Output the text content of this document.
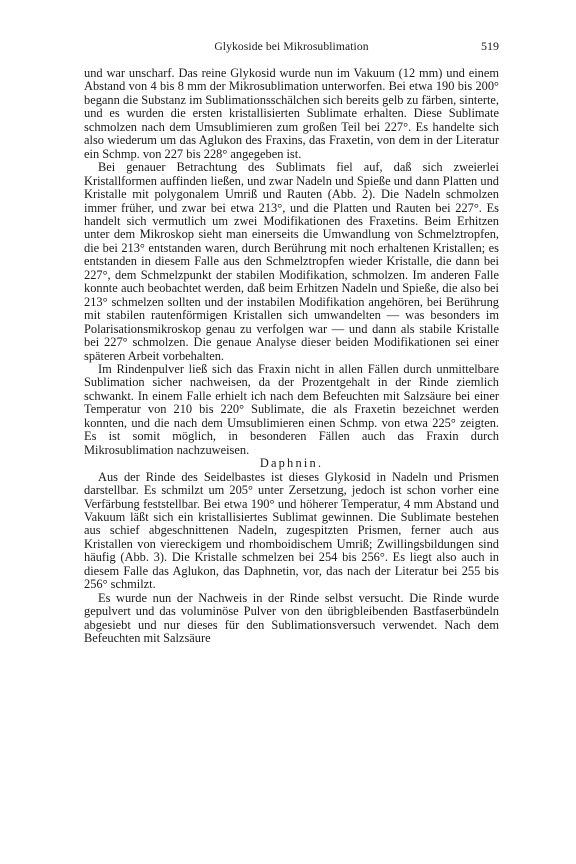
Glykoside bei Mikrosublimation	519

und war unscharf. Das reine Glykosid wurde nun im Vakuum (12 mm) und einem Abstand von 4 bis 8 mm der Mikrosublimation unterworfen. Bei etwa 190 bis 200° begann die Substanz im Sublimationsschälchen sich bereits gelb zu färben, sinterte, und es wurden die ersten kristallisierten Sublimate erhalten. Diese Sublimate schmolzen nach dem Umsublimieren zum großen Teil bei 227°. Es handelte sich also wiederum um das Aglukon des Fraxins, das Fraxetin, von dem in der Literatur ein Schmp. von 227 bis 228° angegeben ist.

Bei genauer Betrachtung des Sublimats fiel auf, daß sich zweierlei Kristallformen auffinden ließen, und zwar Nadeln und Spieße und dann Platten und Kristalle mit polygonalem Umriß und Rauten (Abb. 2). Die Nadeln schmolzen immer früher, und zwar bei etwa 213°, und die Platten und Rauten bei 227°. Es handelt sich vermutlich um zwei Modifikationen des Fraxetins. Beim Erhitzen unter dem Mikroskop sieht man einerseits die Umwandlung von Schmelztropfen, die bei 213° entstanden waren, durch Berührung mit noch erhaltenen Kristallen; es entstanden in diesem Falle aus den Schmelztropfen wieder Kristalle, die dann bei 227°, dem Schmelzpunkt der stabilen Modifikation, schmolzen. Im anderen Falle konnte auch beobachtet werden, daß beim Erhitzen Nadeln und Spieße, die also bei 213° schmelzen sollten und der instabilen Modifikation angehören, bei Berührung mit stabilen rautenförmigen Kristallen sich umwandelten — was besonders im Polarisationsmikroskop genau zu verfolgen war — und dann als stabile Kristalle bei 227° schmolzen. Die genaue Analyse dieser beiden Modifikationen sei einer späteren Arbeit vorbehalten.

Im Rindenpulver ließ sich das Fraxin nicht in allen Fällen durch unmittelbare Sublimation sicher nachweisen, da der Prozentgehalt in der Rinde ziemlich schwankt. In einem Falle erhielt ich nach dem Befeuchten mit Salzsäure bei einer Temperatur von 210 bis 220° Sublimate, die als Fraxetin bezeichnet werden konnten, und die nach dem Umsublimieren einen Schmp. von etwa 225° zeigten. Es ist somit möglich, in besonderen Fällen auch das Fraxin durch Mikrosublimation nachzuweisen.

Daphnin.

Aus der Rinde des Seidelbastes ist dieses Glykosid in Nadeln und Prismen darstellbar. Es schmilzt um 205° unter Zersetzung, jedoch ist schon vorher eine Verfärbung feststellbar. Bei etwa 190° und höherer Temperatur, 4 mm Abstand und Vakuum läßt sich ein kristallisiertes Sublimat gewinnen. Die Sublimate bestehen aus schief abgeschnittenen Nadeln, zugespitzten Prismen, ferner auch aus Kristallen von viereckigem und rhomboidischem Umriß; Zwillingsbildungen sind häufig (Abb. 3). Die Kristalle schmelzen bei 254 bis 256°. Es liegt also auch in diesem Falle das Aglukon, das Daphnetin, vor, das nach der Literatur bei 255 bis 256° schmilzt.

Es wurde nun der Nachweis in der Rinde selbst versucht. Die Rinde wurde gepulvert und das voluminöse Pulver von den übrigbleibenden Bastfaserbündeln abgesiebt und nur dieses für den Sublimationsversuch verwendet. Nach dem Befeuchten mit Salzsäure
